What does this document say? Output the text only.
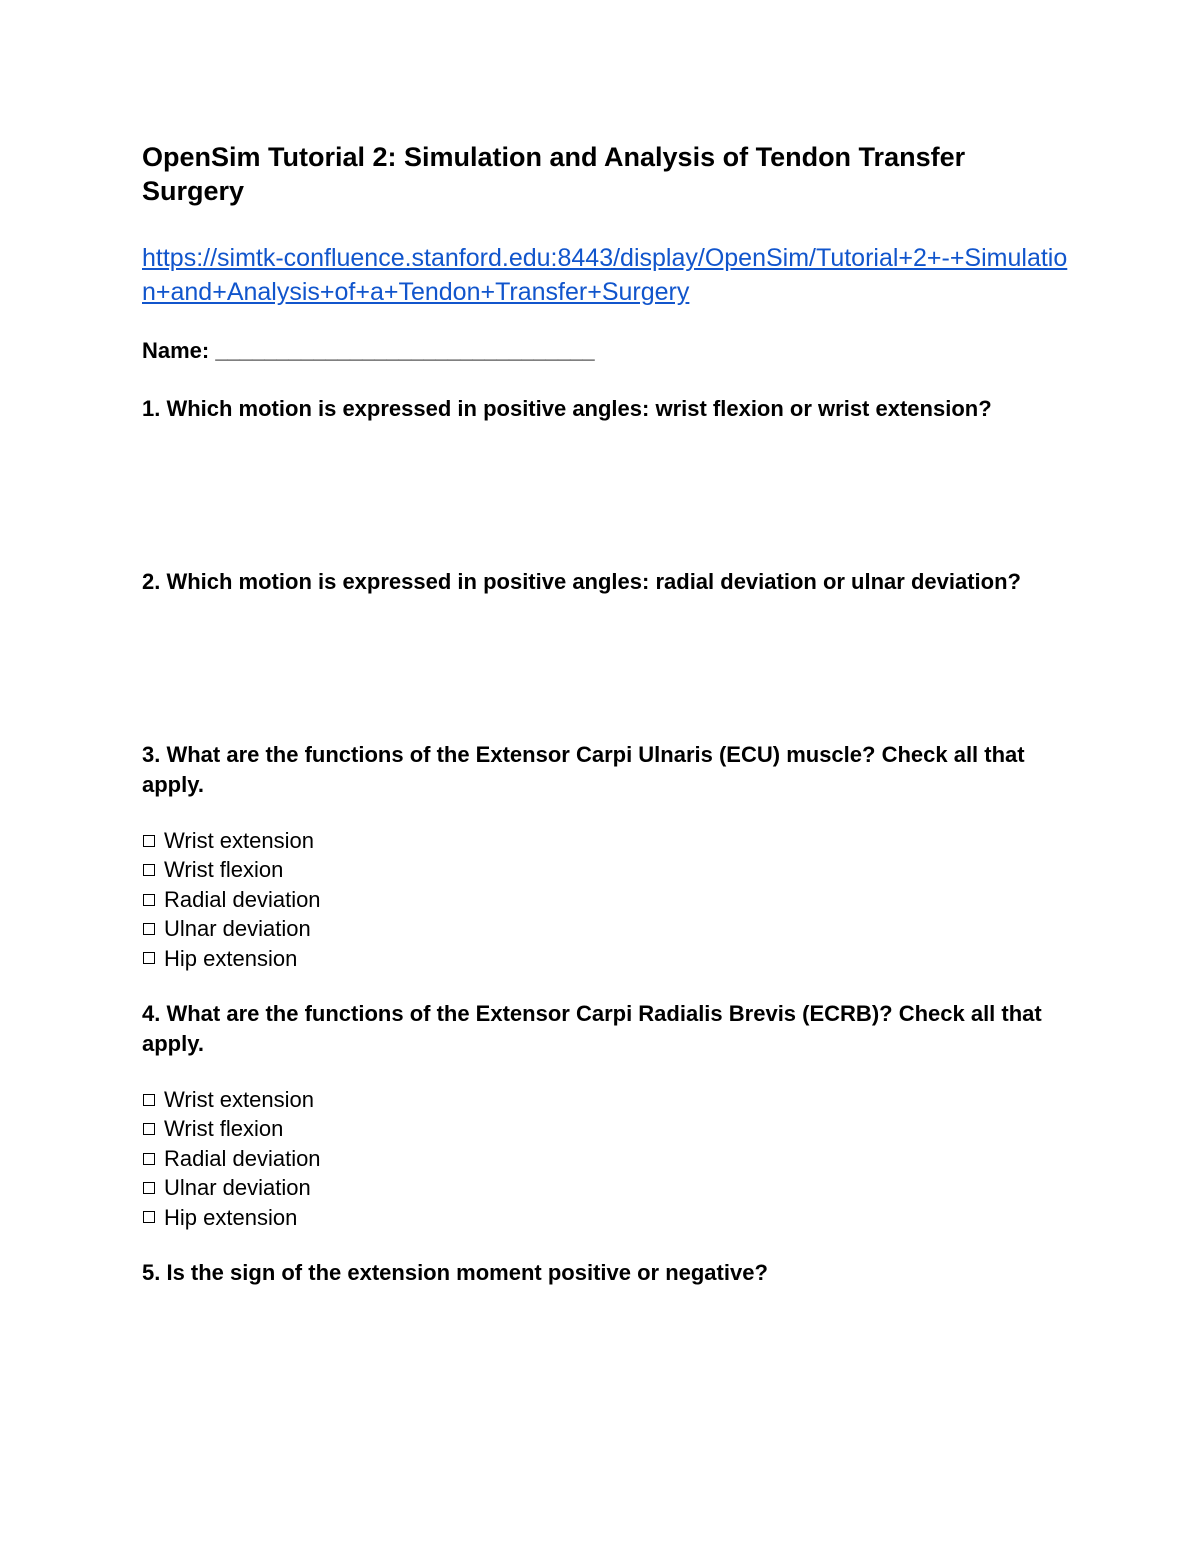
OpenSim Tutorial 2: Simulation and Analysis of Tendon Transfer Surgery
https://simtk-confluence.stanford.edu:8443/display/OpenSim/Tutorial+2+-+Simulation+and+Analysis+of+a+Tendon+Transfer+Surgery
Name: _______________________________

1. Which motion is expressed in positive angles: wrist flexion or wrist extension?

2. Which motion is expressed in positive angles: radial deviation or ulnar deviation?

3. What are the functions of the Extensor Carpi Ulnaris (ECU) muscle? Check all that apply.

Wrist extension
Wrist flexion
Radial deviation
Ulnar deviation
Hip extension

4. What are the functions of the Extensor Carpi Radialis Brevis (ECRB)? Check all that apply.

Wrist extension
Wrist flexion
Radial deviation
Ulnar deviation
Hip extension

5. Is the sign of the extension moment positive or negative?
